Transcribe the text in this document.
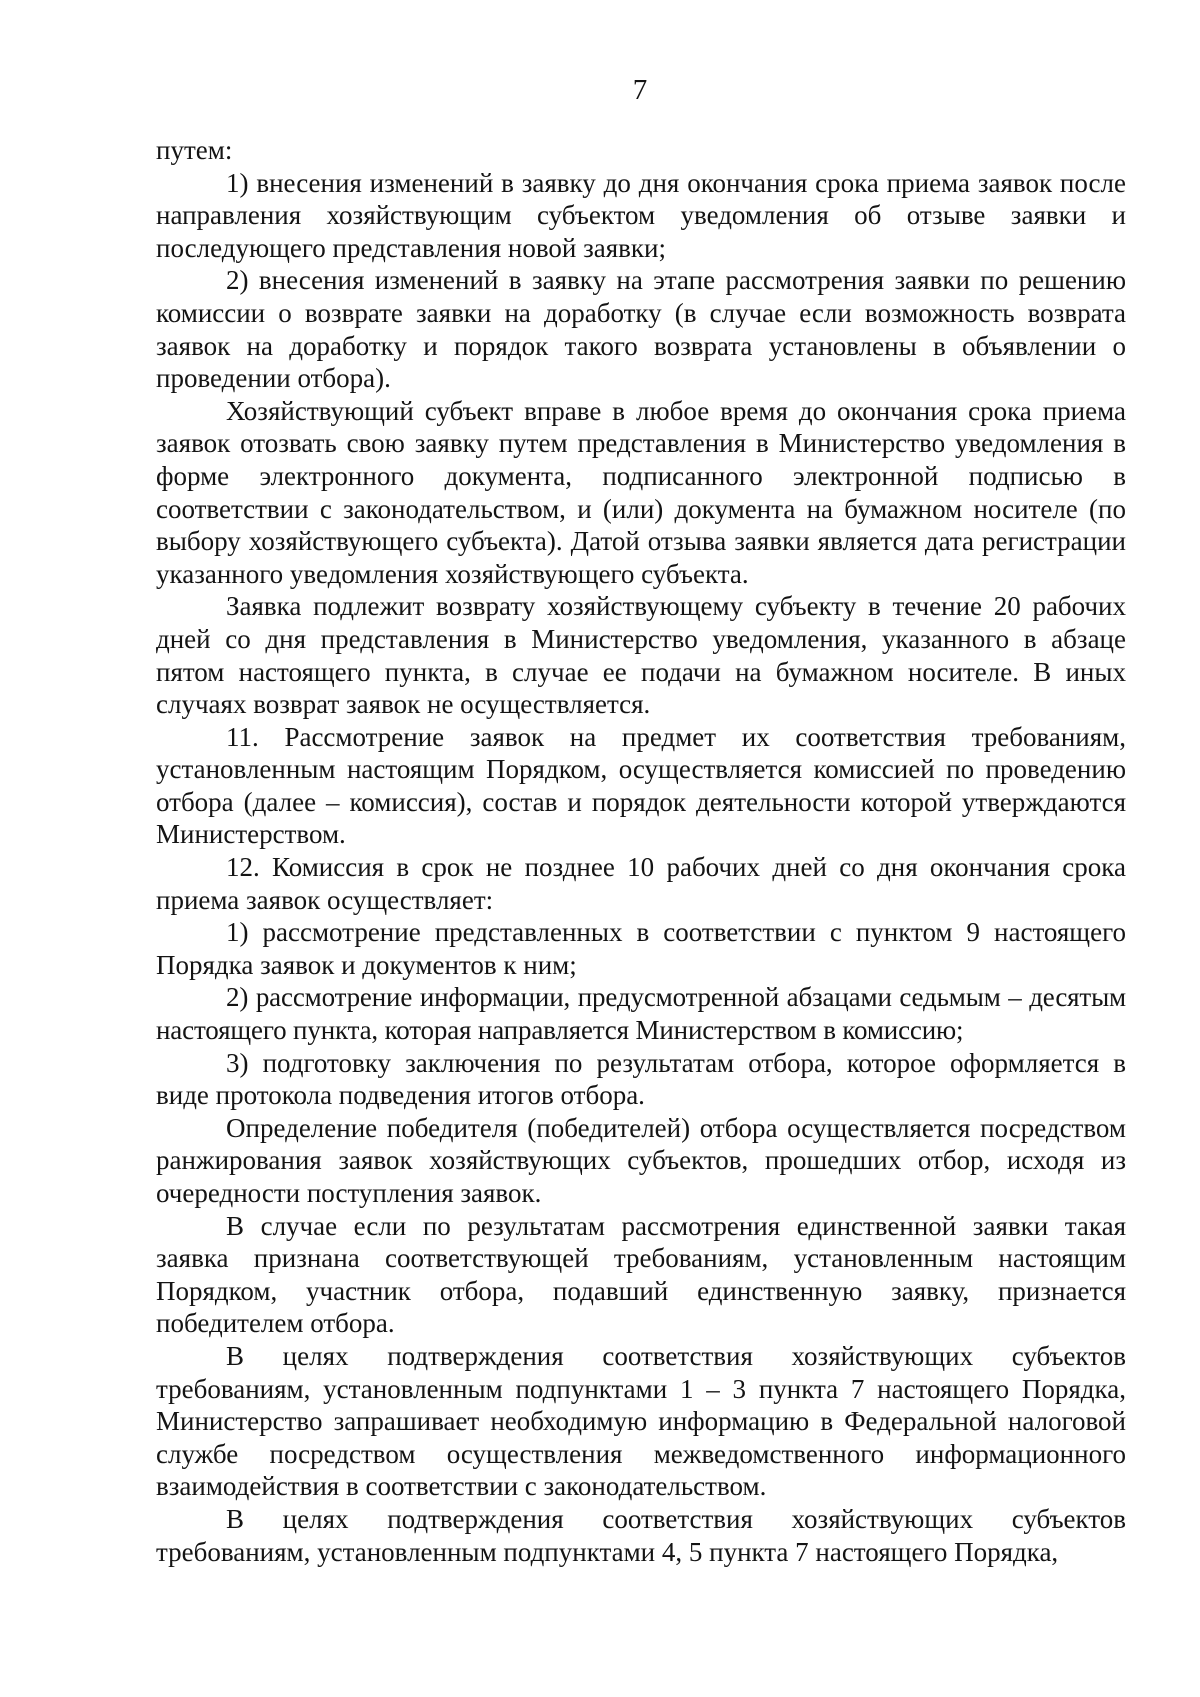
7

путем:

1) внесения изменений в заявку до дня окончания срока приема заявок после направления хозяйствующим субъектом уведомления об отзыве заявки и последующего представления новой заявки;

2) внесения изменений в заявку на этапе рассмотрения заявки по решению комиссии о возврате заявки на доработку (в случае если возможность возврата заявок на доработку и порядок такого возврата установлены в объявлении о проведении отбора).

Хозяйствующий субъект вправе в любое время до окончания срока приема заявок отозвать свою заявку путем представления в Министерство уведомления в форме электронного документа, подписанного электронной подписью в соответствии с законодательством, и (или) документа на бумажном носителе (по выбору хозяйствующего субъекта). Датой отзыва заявки является дата регистрации указанного уведомления хозяйствующего субъекта.

Заявка подлежит возврату хозяйствующему субъекту в течение 20 рабочих дней со дня представления в Министерство уведомления, указанного в абзаце пятом настоящего пункта, в случае ее подачи на бумажном носителе. В иных случаях возврат заявок не осуществляется.

11. Рассмотрение заявок на предмет их соответствия требованиям, установленным настоящим Порядком, осуществляется комиссией по проведению отбора (далее – комиссия), состав и порядок деятельности которой утверждаются Министерством.

12. Комиссия в срок не позднее 10 рабочих дней со дня окончания срока приема заявок осуществляет:

1) рассмотрение представленных в соответствии с пунктом 9 настоящего Порядка заявок и документов к ним;

2) рассмотрение информации, предусмотренной абзацами седьмым – десятым настоящего пункта, которая направляется Министерством в комиссию;

3) подготовку заключения по результатам отбора, которое оформляется в виде протокола подведения итогов отбора.

Определение победителя (победителей) отбора осуществляется посредством ранжирования заявок хозяйствующих субъектов, прошедших отбор, исходя из очередности поступления заявок.

В случае если по результатам рассмотрения единственной заявки такая заявка признана соответствующей требованиям, установленным настоящим Порядком, участник отбора, подавший единственную заявку, признается победителем отбора.

В целях подтверждения соответствия хозяйствующих субъектов требованиям, установленным подпунктами 1 – 3 пункта 7 настоящего Порядка, Министерство запрашивает необходимую информацию в Федеральной налоговой службе посредством осуществления межведомственного информационного взаимодействия в соответствии с законодательством.

В целях подтверждения соответствия хозяйствующих субъектов требованиям, установленным подпунктами 4, 5 пункта 7 настоящего Порядка,
